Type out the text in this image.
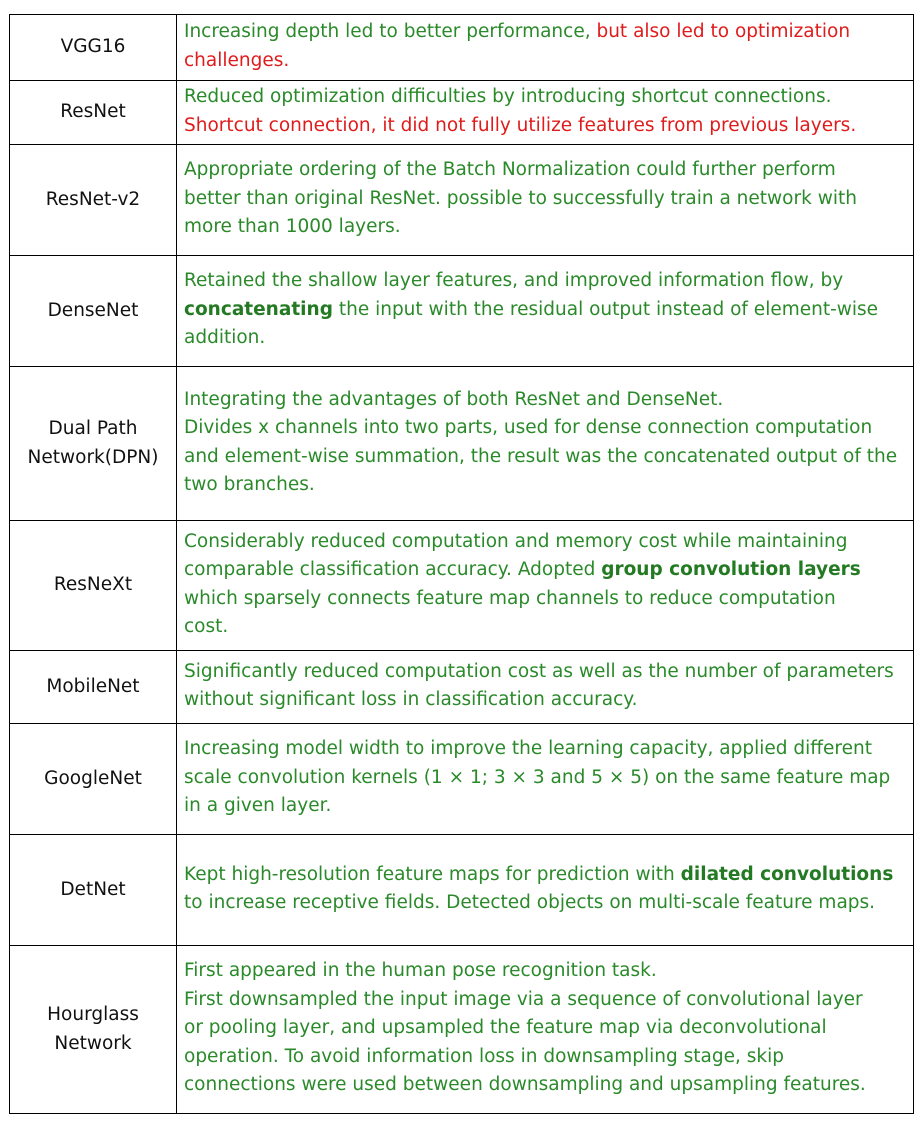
VGG16	Increasing depth led to better performance, but also led to optimization
challenges.

ResNet	Reduced optimization difficulties by introducing shortcut connections.
Shortcut connection, it did not fully utilize features from previous layers.

ResNet-v2	Appropriate ordering of the Batch Normalization could further perform
better than original ResNet. possible to successfully train a network with
more than 1000 layers.

DenseNet	Retained the shallow layer features, and improved information flow, by
concatenating the input with the residual output instead of element-wise
addition.

Dual Path
Network(DPN)	Integrating the advantages of both ResNet and DenseNet.
Divides x channels into two parts, used for dense connection computation
and element-wise summation, the result was the concatenated output of the
two branches.

ResNeXt	Considerably reduced computation and memory cost while maintaining
comparable classification accuracy. Adopted group convolution layers
which sparsely connects feature map channels to reduce computation
cost.

MobileNet	Significantly reduced computation cost as well as the number of parameters
without significant loss in classification accuracy.

GoogleNet	Increasing model width to improve the learning capacity, applied different
scale convolution kernels (1 × 1; 3 × 3 and 5 × 5) on the same feature map
in a given layer.

DetNet	Kept high-resolution feature maps for prediction with dilated convolutions
to increase receptive fields. Detected objects on multi-scale feature maps.

Hourglass
Network	First appeared in the human pose recognition task.
First downsampled the input image via a sequence of convolutional layer
or pooling layer, and upsampled the feature map via deconvolutional
operation. To avoid information loss in downsampling stage, skip
connections were used between downsampling and upsampling features.
